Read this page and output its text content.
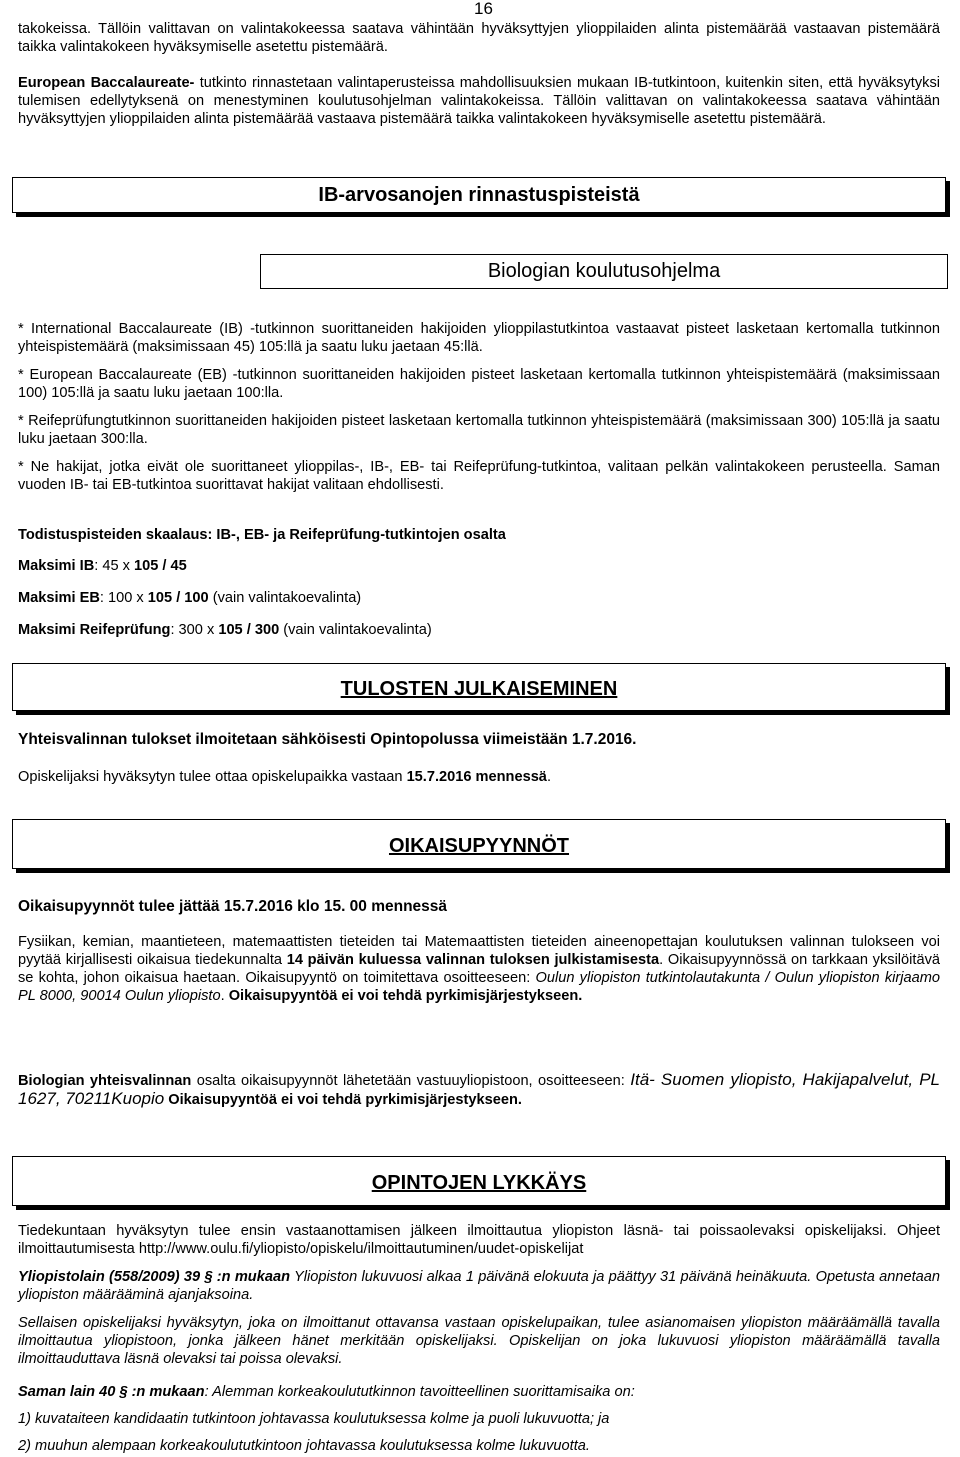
16
takokeissa. Tällöin valittavan on valintakokeessa saatava vähintään hyväksyttyjen ylioppilaiden alinta pistemäärää vastaavan pistemäärä taikka valintakokeen hyväksymiselle asetettu pistemäärä.
European Baccalaureate- tutkinto rinnastetaan valintaperusteissa mahdollisuuksien mukaan IB-tutkintoon, kuitenkin siten, että hyväksytyksi tulemisen edellytyksenä on menestyminen koulutusohjelman valintakokeissa. Tällöin valittavan on valintakokeessa saatava vähintään hyväksyttyjen ylioppilaiden alinta pistemäärää vastaava pistemäärä taikka valintakokeen hyväksymiselle asetettu pistemäärä.
IB-arvosanojen rinnastuspisteistä
Biologian koulutusohjelma

* International Baccalaureate (IB) -tutkinnon suorittaneiden hakijoiden ylioppilastutkintoa vastaavat pisteet lasketaan kertomalla tutkinnon yhteispistemäärä (maksimissaan 45) 105:llä ja saatu luku jaetaan 45:llä.

* European Baccalaureate (EB) -tutkinnon suorittaneiden hakijoiden pisteet lasketaan kertomalla tutkinnon yhteispistemäärä (maksimissaan 100) 105:llä ja saatu luku jaetaan 100:lla.

* Reifeprüfungtutkinnon suorittaneiden hakijoiden pisteet lasketaan kertomalla tutkinnon yhteispistemäärä (maksimissaan 300) 105:llä ja saatu luku jaetaan 300:lla.

* Ne hakijat, jotka eivät ole suorittaneet ylioppilas-, IB-, EB- tai Reifeprüfung-tutkintoa, valitaan pelkän valintakokeen perusteella. Saman vuoden IB- tai EB-tutkintoa suorittavat hakijat valitaan ehdollisesti.

Todistuspisteiden skaalaus: IB-, EB- ja Reifeprüfung-tutkintojen osalta
Maksimi IB: 45 x 105 / 45
Maksimi EB: 100 x 105 / 100 (vain valintakoevalinta)
Maksimi Reifeprüfung: 300 x 105 / 300 (vain valintakoevalinta)
TULOSTEN JULKAISEMINEN
Yhteisvalinnan tulokset ilmoitetaan sähköisesti Opintopolussa viimeistään 1.7.2016.
Opiskelijaksi hyväksytyn tulee ottaa opiskelupaikka vastaan 15.7.2016 mennessä.
OIKAISUPYYNNÖT
Oikaisupyynnöt tulee jättää 15.7.2016 klo 15. 00 mennessä
Fysiikan, kemian, maantieteen, matemaattisten tieteiden tai Matemaattisten tieteiden aineenopettajan koulutuksen valinnan tulokseen voi pyytää kirjallisesti oikaisua tiedekunnalta 14 päivän kuluessa valinnan tuloksen julkistamisesta. Oikaisupyynnössä on tarkkaan yksilöitävä se kohta, johon oikaisua haetaan. Oikaisupyyntö on toimitettava osoitteeseen: Oulun yliopiston tutkintolautakunta / Oulun yliopiston kirjaamo PL 8000, 90014 Oulun yliopisto. Oikaisupyyntöä ei voi tehdä pyrkimisjärjestykseen.
Biologian yhteisvalinnan osalta oikaisupyynnöt lähetetään vastuuyliopistoon, osoitteeseen: Itä- Suomen yliopisto, Hakijapalvelut, PL 1627, 70211Kuopio Oikaisupyyntöä ei voi tehdä pyrkimisjärjestykseen.
OPINTOJEN LYKKÄYS
Tiedekuntaan hyväksytyn tulee ensin vastaanottamisen jälkeen ilmoittautua yliopiston läsnä- tai poissaolevaksi opiskelijaksi. Ohjeet ilmoittautumisesta http://www.oulu.fi/yliopisto/opiskelu/ilmoittautuminen/uudet-opiskelijat
Yliopistolain (558/2009) 39 § :n mukaan Yliopiston lukuvuosi alkaa 1 päivänä elokuuta ja päättyy 31 päivänä heinäkuuta. Opetusta annetaan yliopiston määrääminä ajanjaksoina.
Sellaisen opiskelijaksi hyväksytyn, joka on ilmoittanut ottavansa vastaan opiskelupaikan, tulee asianomaisen yliopiston määräämällä tavalla ilmoittautua yliopistoon, jonka jälkeen hänet merkitään opiskelijaksi. Opiskelijan on joka lukuvuosi yliopiston määräämällä tavalla ilmoittauduttava läsnä olevaksi tai poissa olevaksi.
Saman lain 40 § :n mukaan: Alemman korkeakoulututkinnon tavoitteellinen suorittamisaika on:
1) kuvataiteen kandidaatin tutkintoon johtavassa koulutuksessa kolme ja puoli lukuvuotta; ja
2) muuhun alempaan korkeakoulututkintoon johtavassa koulutuksessa kolme lukuvuotta.
